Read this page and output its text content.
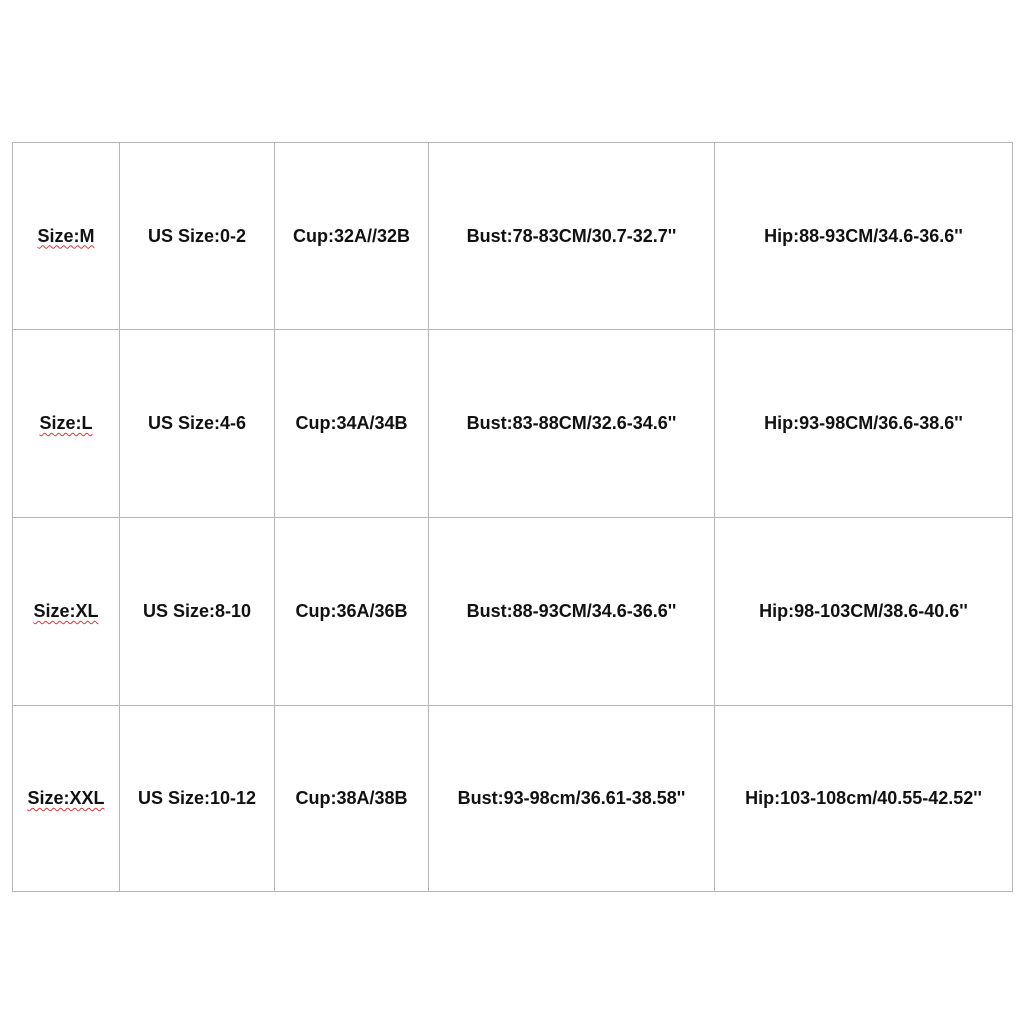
Size:M	US Size:0-2	Cup:32A//32B	Bust:78-83CM/30.7-32.7''	Hip:88-93CM/34.6-36.6''
Size:L	US Size:4-6	Cup:34A/34B	Bust:83-88CM/32.6-34.6''	Hip:93-98CM/36.6-38.6''
Size:XL	US Size:8-10	Cup:36A/36B	Bust:88-93CM/34.6-36.6''	Hip:98-103CM/38.6-40.6''
Size:XXL	US Size:10-12	Cup:38A/38B	Bust:93-98cm/36.61-38.58''	Hip:103-108cm/40.55-42.52''
